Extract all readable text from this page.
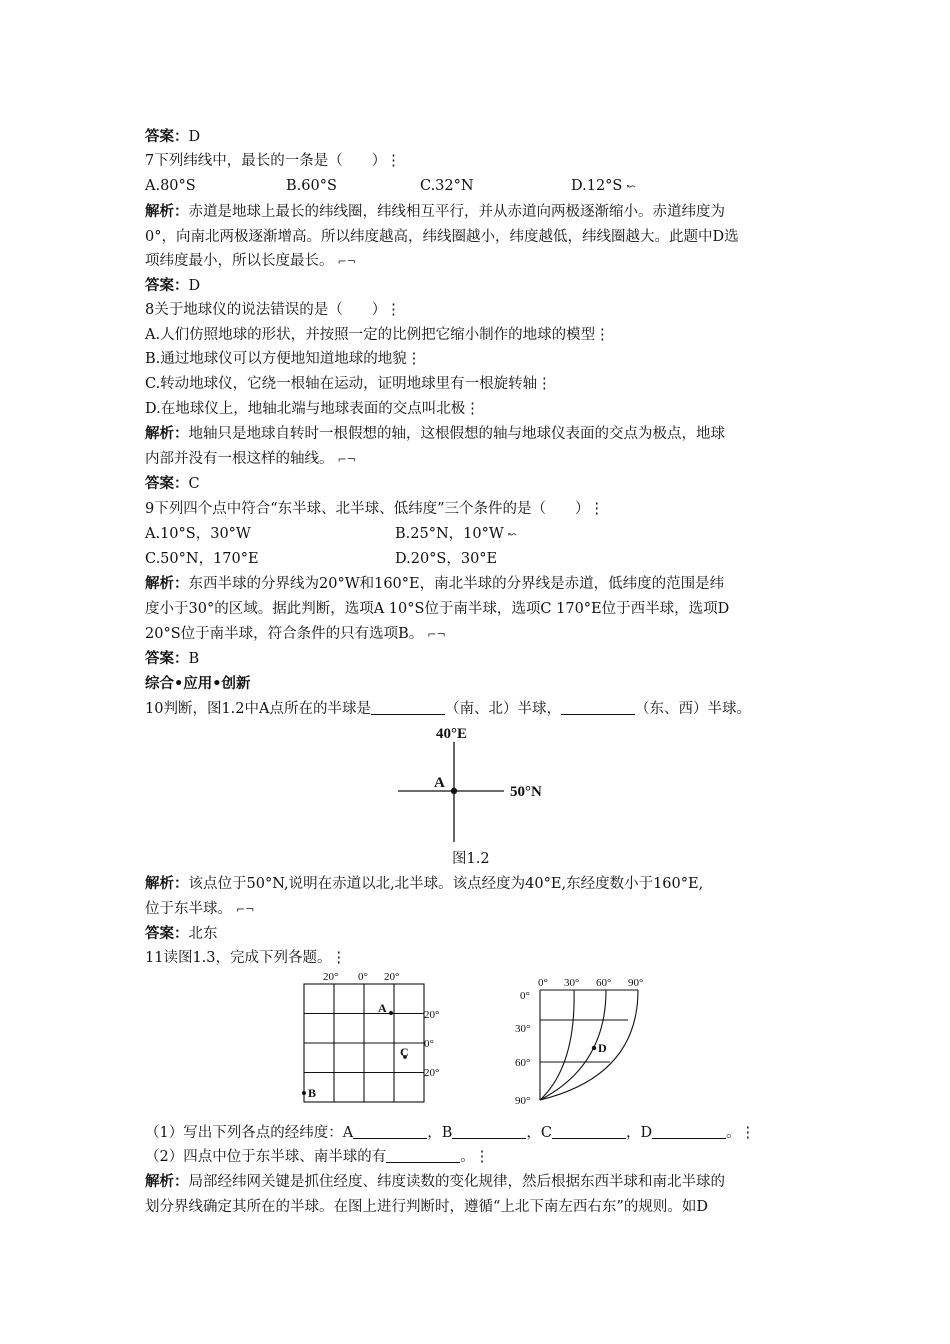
答案：D
7下列纬线中，最长的一条是（　　）⋮
A.80°S	B.60°S	C.32°N	D.12°S ↜
解析：赤道是地球上最长的纬线圈，纬线相互平行，并从赤道向两极逐渐缩小。赤道纬度为
0°，向南北两极逐渐增高。所以纬度越高，纬线圈越小，纬度越低，纬线圈越大。此题中D选
项纬度最小，所以长度最长。 ⌐¬
答案：D
8关于地球仪的说法错误的是（　　）⋮
A.人们仿照地球的形状，并按照一定的比例把它缩小制作的地球的模型⋮
B.通过地球仪可以方便地知道地球的地貌⋮
C.转动地球仪，它绕一根轴在运动，证明地球里有一根旋转轴⋮
D.在地球仪上，地轴北端与地球表面的交点叫北极⋮
解析：地轴只是地球自转时一根假想的轴，这根假想的轴与地球仪表面的交点为极点，地球
内部并没有一根这样的轴线。 ⌐¬
答案：C
9下列四个点中符合“东半球、北半球、低纬度”三个条件的是（　　）⋮
A.10°S，30°W	B.25°N，10°W ↜
C.50°N，170°E	D.20°S，30°E
解析：东西半球的分界线为20°W和160°E，南北半球的分界线是赤道，低纬度的范围是纬
度小于30°的区域。据此判断，选项A 10°S位于南半球，选项C 170°E位于西半球，选项D
20°S位于南半球，符合条件的只有选项B。 ⌐¬
答案：B
综合•应用•创新
10判断，图1.2中A点所在的半球是	（南、北）半球，	（东、西）半球。
40°E
50°N
A
图1.2
解析：该点位于50°N,说明在赤道以北,北半球。该点经度为40°E,东经度数小于160°E,
位于东半球。 ⌐¬
答案：北东
11读图1.3，完成下列各题。⋮
20° 0° 20°
20°
0°
20°
A
B
C
0°
0° 30° 60° 90°
30°
60°
90°
D
（1）写出下列各点的经纬度：A	，B	，C	，D	。⋮
（2）四点中位于东半球、南半球的有	。⋮
解析：局部经纬网关键是抓住经度、纬度读数的变化规律，然后根据东西半球和南北半球的
划分界线确定其所在的半球。在图上进行判断时，遵循“上北下南左西右东”的规则。如D
